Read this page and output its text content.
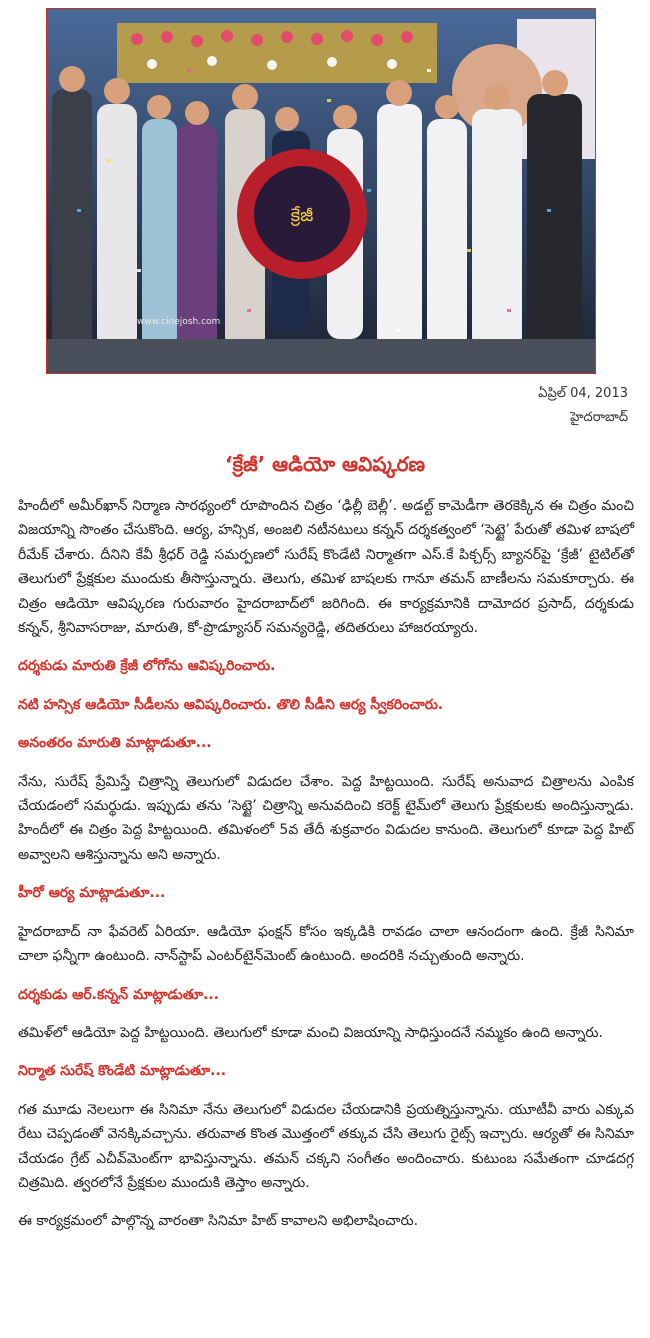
క్రేజీ
www.cinejosh.com
ఏప్రిల్ 04, 2013
హైదరాబాద్
‘క్రేజీ’ ఆడియో ఆవిష్కరణ

హిందీలో అమీర్‌ఖాన్ నిర్మాణ సారథ్యంలో రూపొందిన చిత్రం ‘ఢిల్లీ బెల్లీ’. అడల్ట్ కామెడీగా తెరకెక్కిన ఈ చిత్రం మంచి విజయాన్ని సొంతం చేసుకొంది. ఆర్య, హన్సిక, అంజలి నటీనటులు కన్నన్ దర్శకత్వంలో ‘సెట్టై’ పేరుతో తమిళ బాషలో రీమేక్ చేశారు. దీనిని కేవీ శ్రీధర్ రెడ్డి సమర్పణలో సురేష్ కొండేటి నిర్మాతగా ఎస్.కే పిక్చర్స్ బ్యానర్‌పై ‘క్రేజీ’ టైటిల్‌తో తెలుగులో ప్రేక్షకుల ముందుకు తీసొస్తున్నారు. తెలుగు, తమిళ బాషలకు గానూ తమన్ బాణీలను సమకూర్చారు. ఈ చిత్రం ఆడియో ఆవిష్కరణ గురువారం హైదరాబాద్‌లో జరిగింది. ఈ కార్యక్రమానికి దామోదర ప్రసాద్, దర్శకుడు కన్నన్, శ్రీనివాసరాజు, మారుతి, కో-ప్రొడ్యూసర్ సమన్యరెడ్డి, తదితరులు హాజరయ్యారు.

దర్శకుడు మారుతి క్రేజీ లోగోను ఆవిష్కరించారు.

నటి హన్సిక ఆడియో సీడీలను ఆవిష్కరించారు. తొలి సీడీని ఆర్య స్వీకరించారు.

అనంతరం మారుతి మాట్లాడుతూ...

నేను, సురేష్ ప్రేమిస్తే చిత్రాన్ని తెలుగులో విడుదల చేశాం. పెద్ద హిట్టయింది. సురేష్ అనువాద చిత్రాలను ఎంపిక చేయడంలో సమర్థుడు. ఇప్పుడు తను ‘సెట్టై’ చిత్రాన్ని అనువదించి కరెక్ట్ టైమ్‌లో తెలుగు ప్రేక్షకులకు అందిస్తున్నాడు. హిందీలో ఈ చిత్రం పెద్ద హిట్టయింది. తమిళంలో 5వ తేదీ శుక్రవారం విడుదల కానుంది. తెలుగులో కూడా పెద్ద హిట్ అవ్వాలని ఆశిస్తున్నాను అని అన్నారు.

హీరో ఆర్య మాట్లాడుతూ...

హైదరాబాద్ నా ఫేవరెట్ ఏరియా. ఆడియో ఫంక్షన్ కోసం ఇక్కడికి రావడం చాలా ఆనందంగా ఉంది. క్రేజీ సినిమా చాలా ఫన్నీగా ఉంటుంది. నాన్‌స్టాప్ ఎంటర్‌టైన్‌మెంట్ ఉంటుంది. అందరికి నచ్చుతుంది అన్నారు.

దర్శకుడు ఆర్.కన్నన్ మాట్లాడుతూ...

తమిళ్‌లో ఆడియో పెద్ద హిట్టయింది. తెలుగులో కూడా మంచి విజయాన్ని సాధిస్తుందనే నమ్మకం ఉంది అన్నారు.

నిర్మాత సురేష్ కొండేటి మాట్లాడుతూ...

గత మూడు నెలలుగా ఈ సినిమా నేను తెలుగులో విడుదల చేయడానికి ప్రయత్నిస్తున్నాను. యూటీవీ వారు ఎక్కువ రేటు చెప్పడంతో వెనక్కివచ్చాను. తరువాత కొంత మొత్తంలో తక్కువ చేసి తెలుగు రైట్స్ ఇచ్చారు. ఆర్యతో ఈ సినిమా చేయడం గ్రేట్ ఎచీవ్‌మెంట్‌గా భావిస్తున్నాను. తమన్ చక్కని సంగీతం అందించారు. కుటుంబ సమేతంగా చూడదగ్గ చిత్రమిది. త్వరలోనే ప్రేక్షకుల ముందుకి తెస్తాం అన్నారు.

ఈ కార్యక్రమంలో పాల్గొన్న వారంతా సినిమా హిట్ కావాలని అభిలాషించారు.
